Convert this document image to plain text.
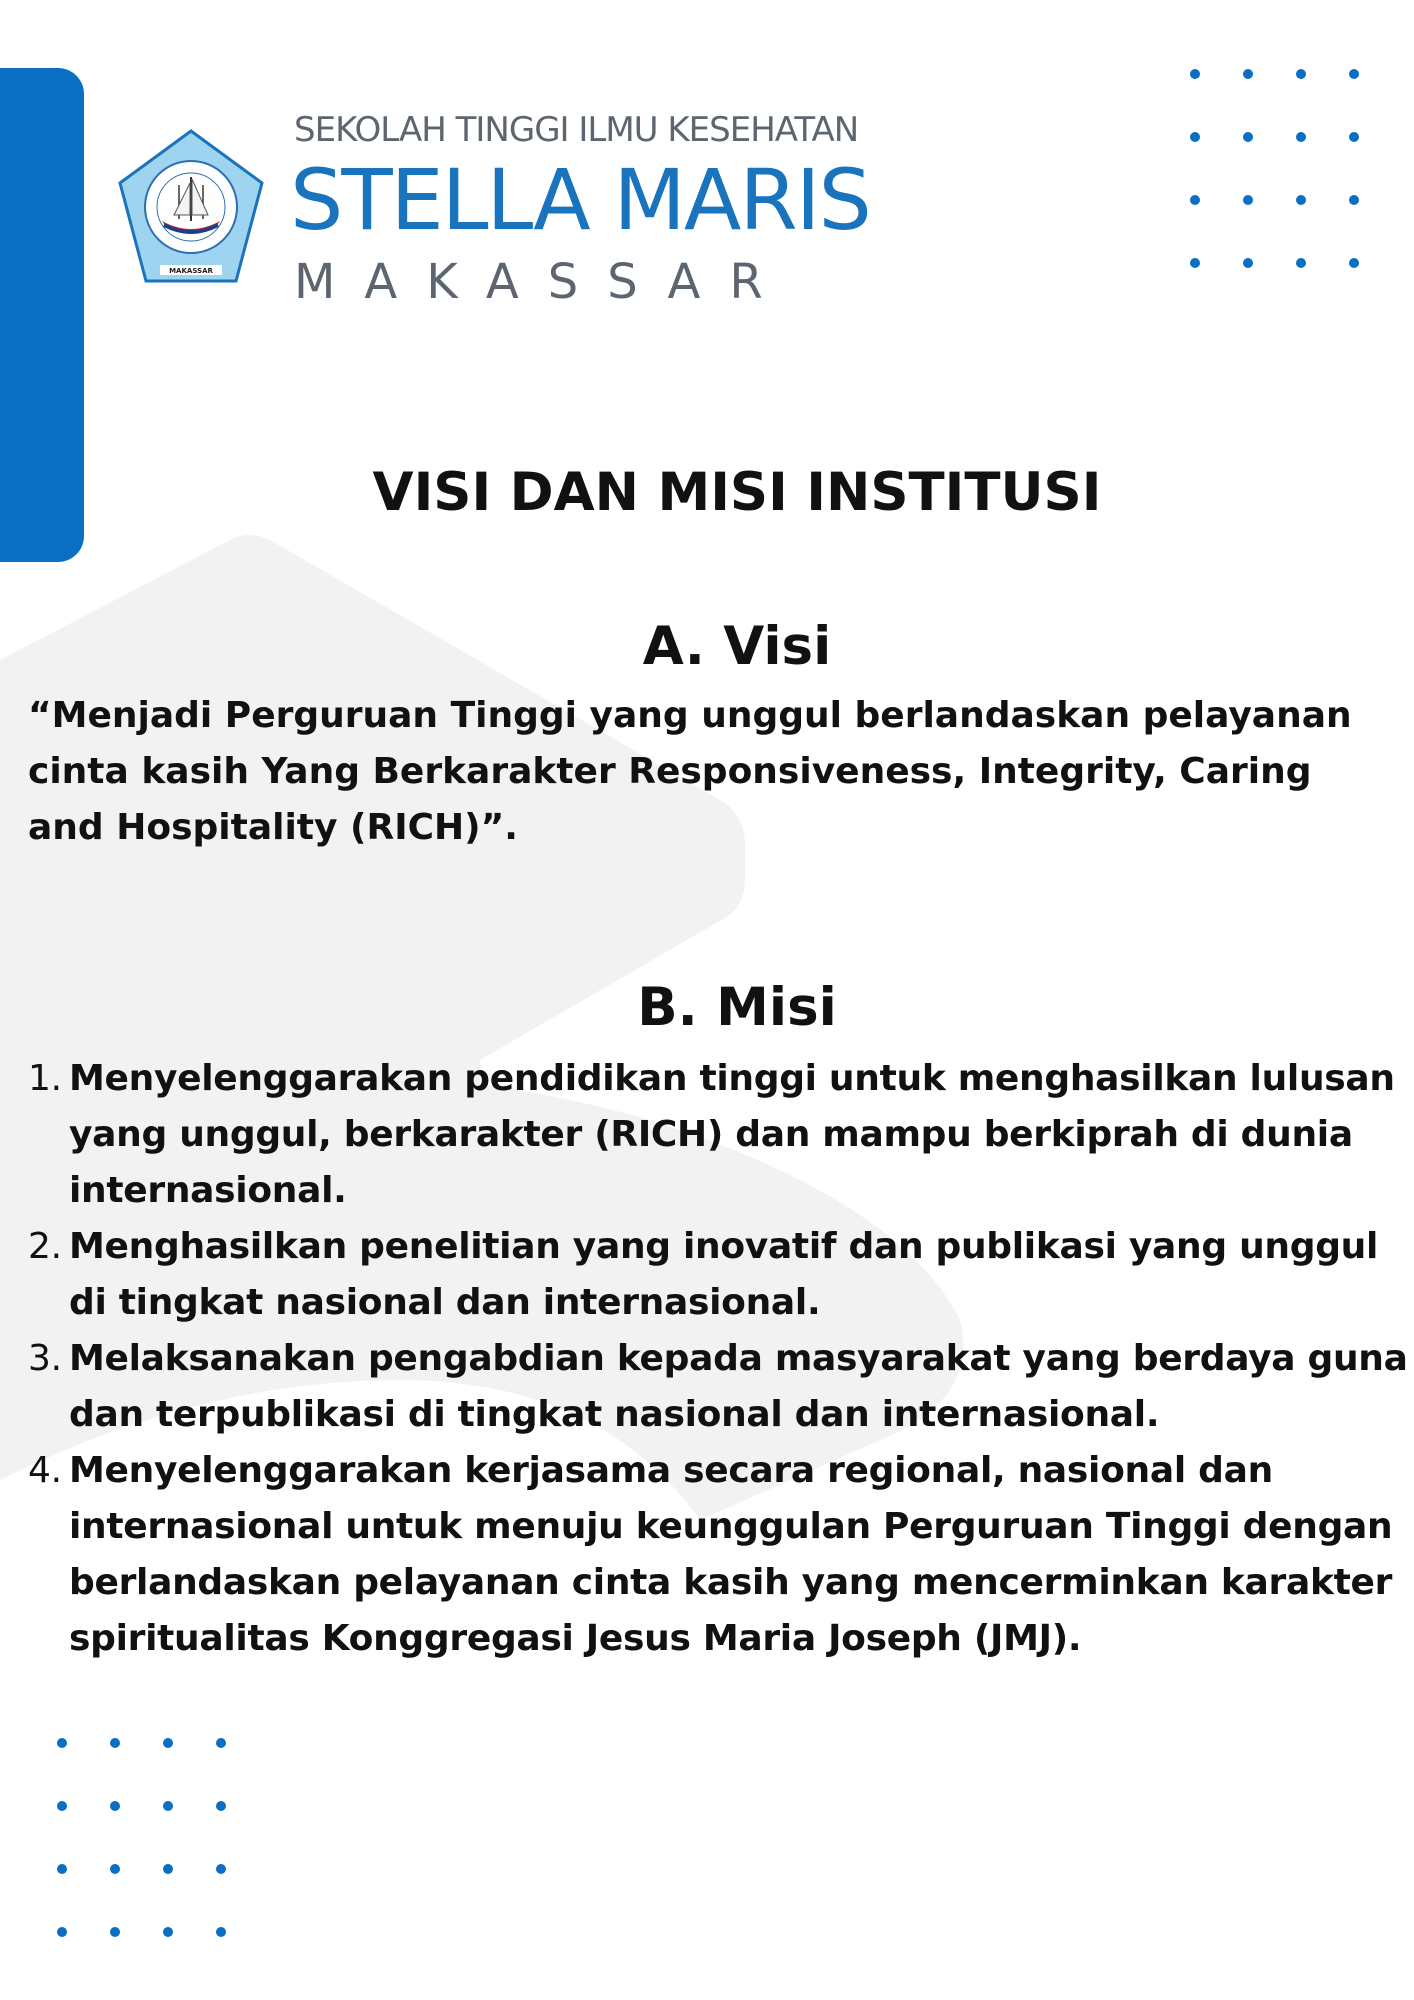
MAKASSAR
SEKOLAH TINGGI ILMU KESEHATAN
STELLA MARIS
MAKASSAR
VISI DAN MISI INSTITUSI
A. Visi

“Menjadi Perguruan Tinggi yang unggul berlandaskan pelayanan cinta kasih Yang Berkarakter Responsiveness, Integrity, Caring and Hospitality (RICH)”.

B. Misi
1. Menyelenggarakan pendidikan tinggi untuk menghasilkan lulusan yang unggul, berkarakter (RICH) dan mampu berkiprah di dunia internasional.
2. Menghasilkan penelitian yang inovatif dan publikasi yang unggul di tingkat nasional dan internasional.
3. Melaksanakan pengabdian kepada masyarakat yang berdaya guna dan terpublikasi di tingkat nasional dan internasional.
4. Menyelenggarakan kerjasama secara regional, nasional dan internasional untuk menuju keunggulan Perguruan Tinggi dengan berlandaskan pelayanan cinta kasih yang mencerminkan karakter spiritualitas Konggregasi Jesus Maria Joseph (JMJ).
